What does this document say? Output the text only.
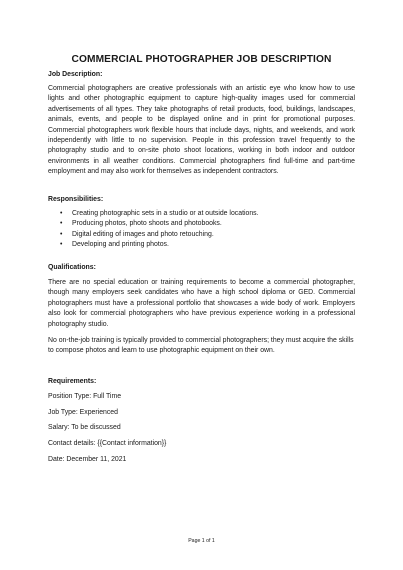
COMMERCIAL PHOTOGRAPHER JOB DESCRIPTION
Job Description:
Commercial photographers are creative professionals with an artistic eye who know how to use lights and other photographic equipment to capture high-quality images used for commercial advertisements of all types. They take photographs of retail products, food, buildings, landscapes, animals, events, and people to be displayed online and in print for promotional purposes. Commercial photographers work flexible hours that include days, nights, and weekends, and work independently with little to no supervision. People in this profession travel frequently to the photography studio and to on-site photo shoot locations, working in both indoor and outdoor environments in all weather conditions. Commercial photographers find full-time and part-time employment and may also work for themselves as independent contractors.
Responsibilities:
• Creating photographic sets in a studio or at outside locations.
• Producing photos, photo shoots and photobooks.
• Digital editing of images and photo retouching.
• Developing and printing photos.
Qualifications:
There are no special education or training requirements to become a commercial photographer, though many employers seek candidates who have a high school diploma or GED. Commercial photographers must have a professional portfolio that showcases a wide body of work. Employers also look for commercial photographers who have previous experience working in a professional photography studio.
No on-the-job training is typically provided to commercial photographers; they must acquire the skills to compose photos and learn to use photographic equipment on their own.
Requirements:
Position Type: Full Time
Job Type: Experienced
Salary: To be discussed
Contact details: {{Contact information}}
Date: December 11, 2021
Page 1 of 1
